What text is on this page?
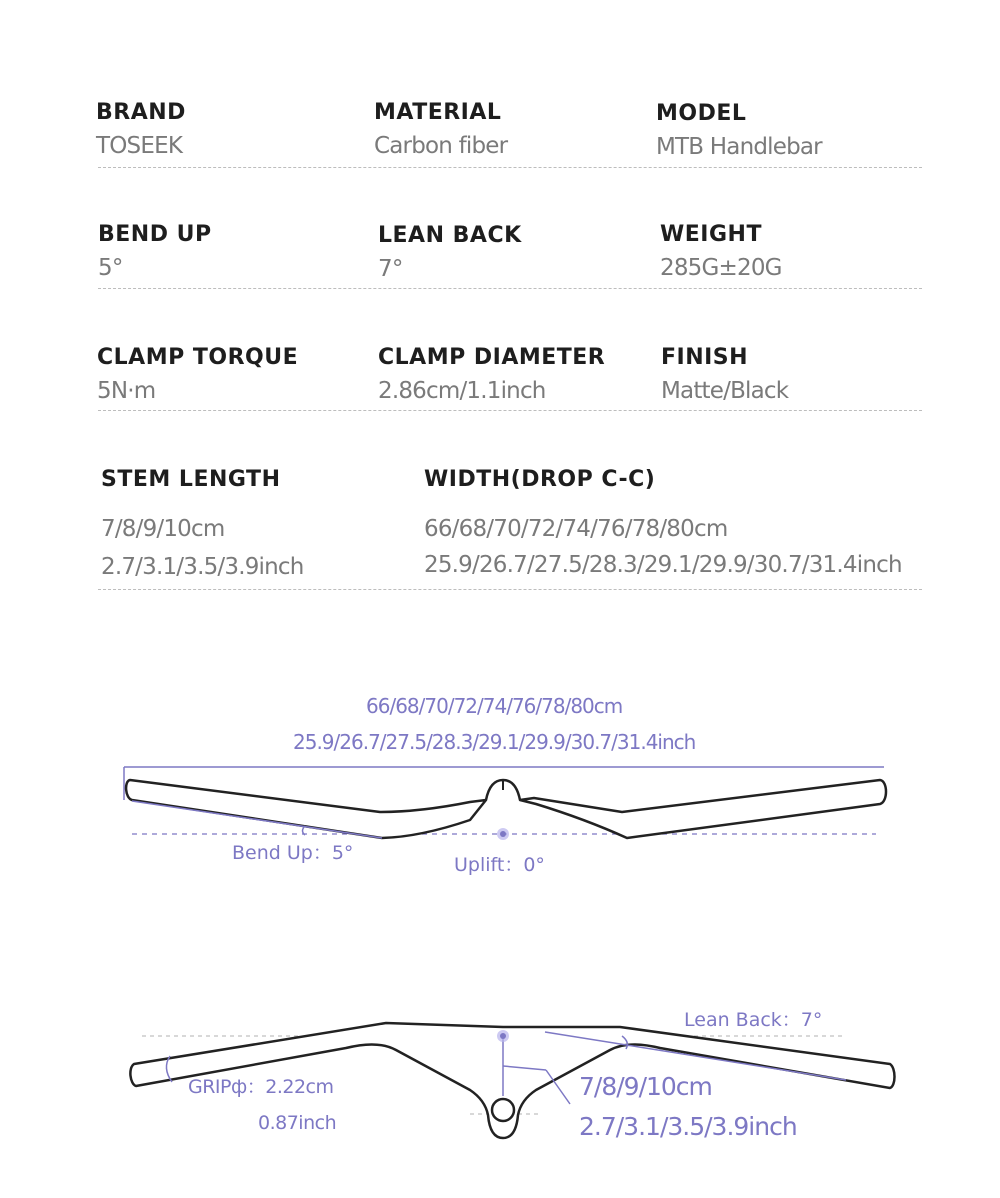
BRAND
TOSEEK
MATERIAL
Carbon fiber
MODEL
MTB Handlebar
BEND UP
5°
LEAN BACK
7°
WEIGHT
285G±20G
CLAMP TORQUE
5N·m
CLAMP DIAMETER
2.86cm/1.1inch
FINISH
Matte/Black
STEM LENGTH
7/8/9/10cm
2.7/3.1/3.5/3.9inch
WIDTH(DROP C-C)
66/68/70/72/74/76/78/80cm
25.9/26.7/27.5/28.3/29.1/29.9/30.7/31.4inch
66/68/70/72/74/76/78/80cm
25.9/26.7/27.5/28.3/29.1/29.9/30.7/31.4inch
Bend Up：5°
Uplift：0°
Lean Back：7°
GRIPф：2.22cm
0.87inch
7/8/9/10cm
2.7/3.1/3.5/3.9inch
